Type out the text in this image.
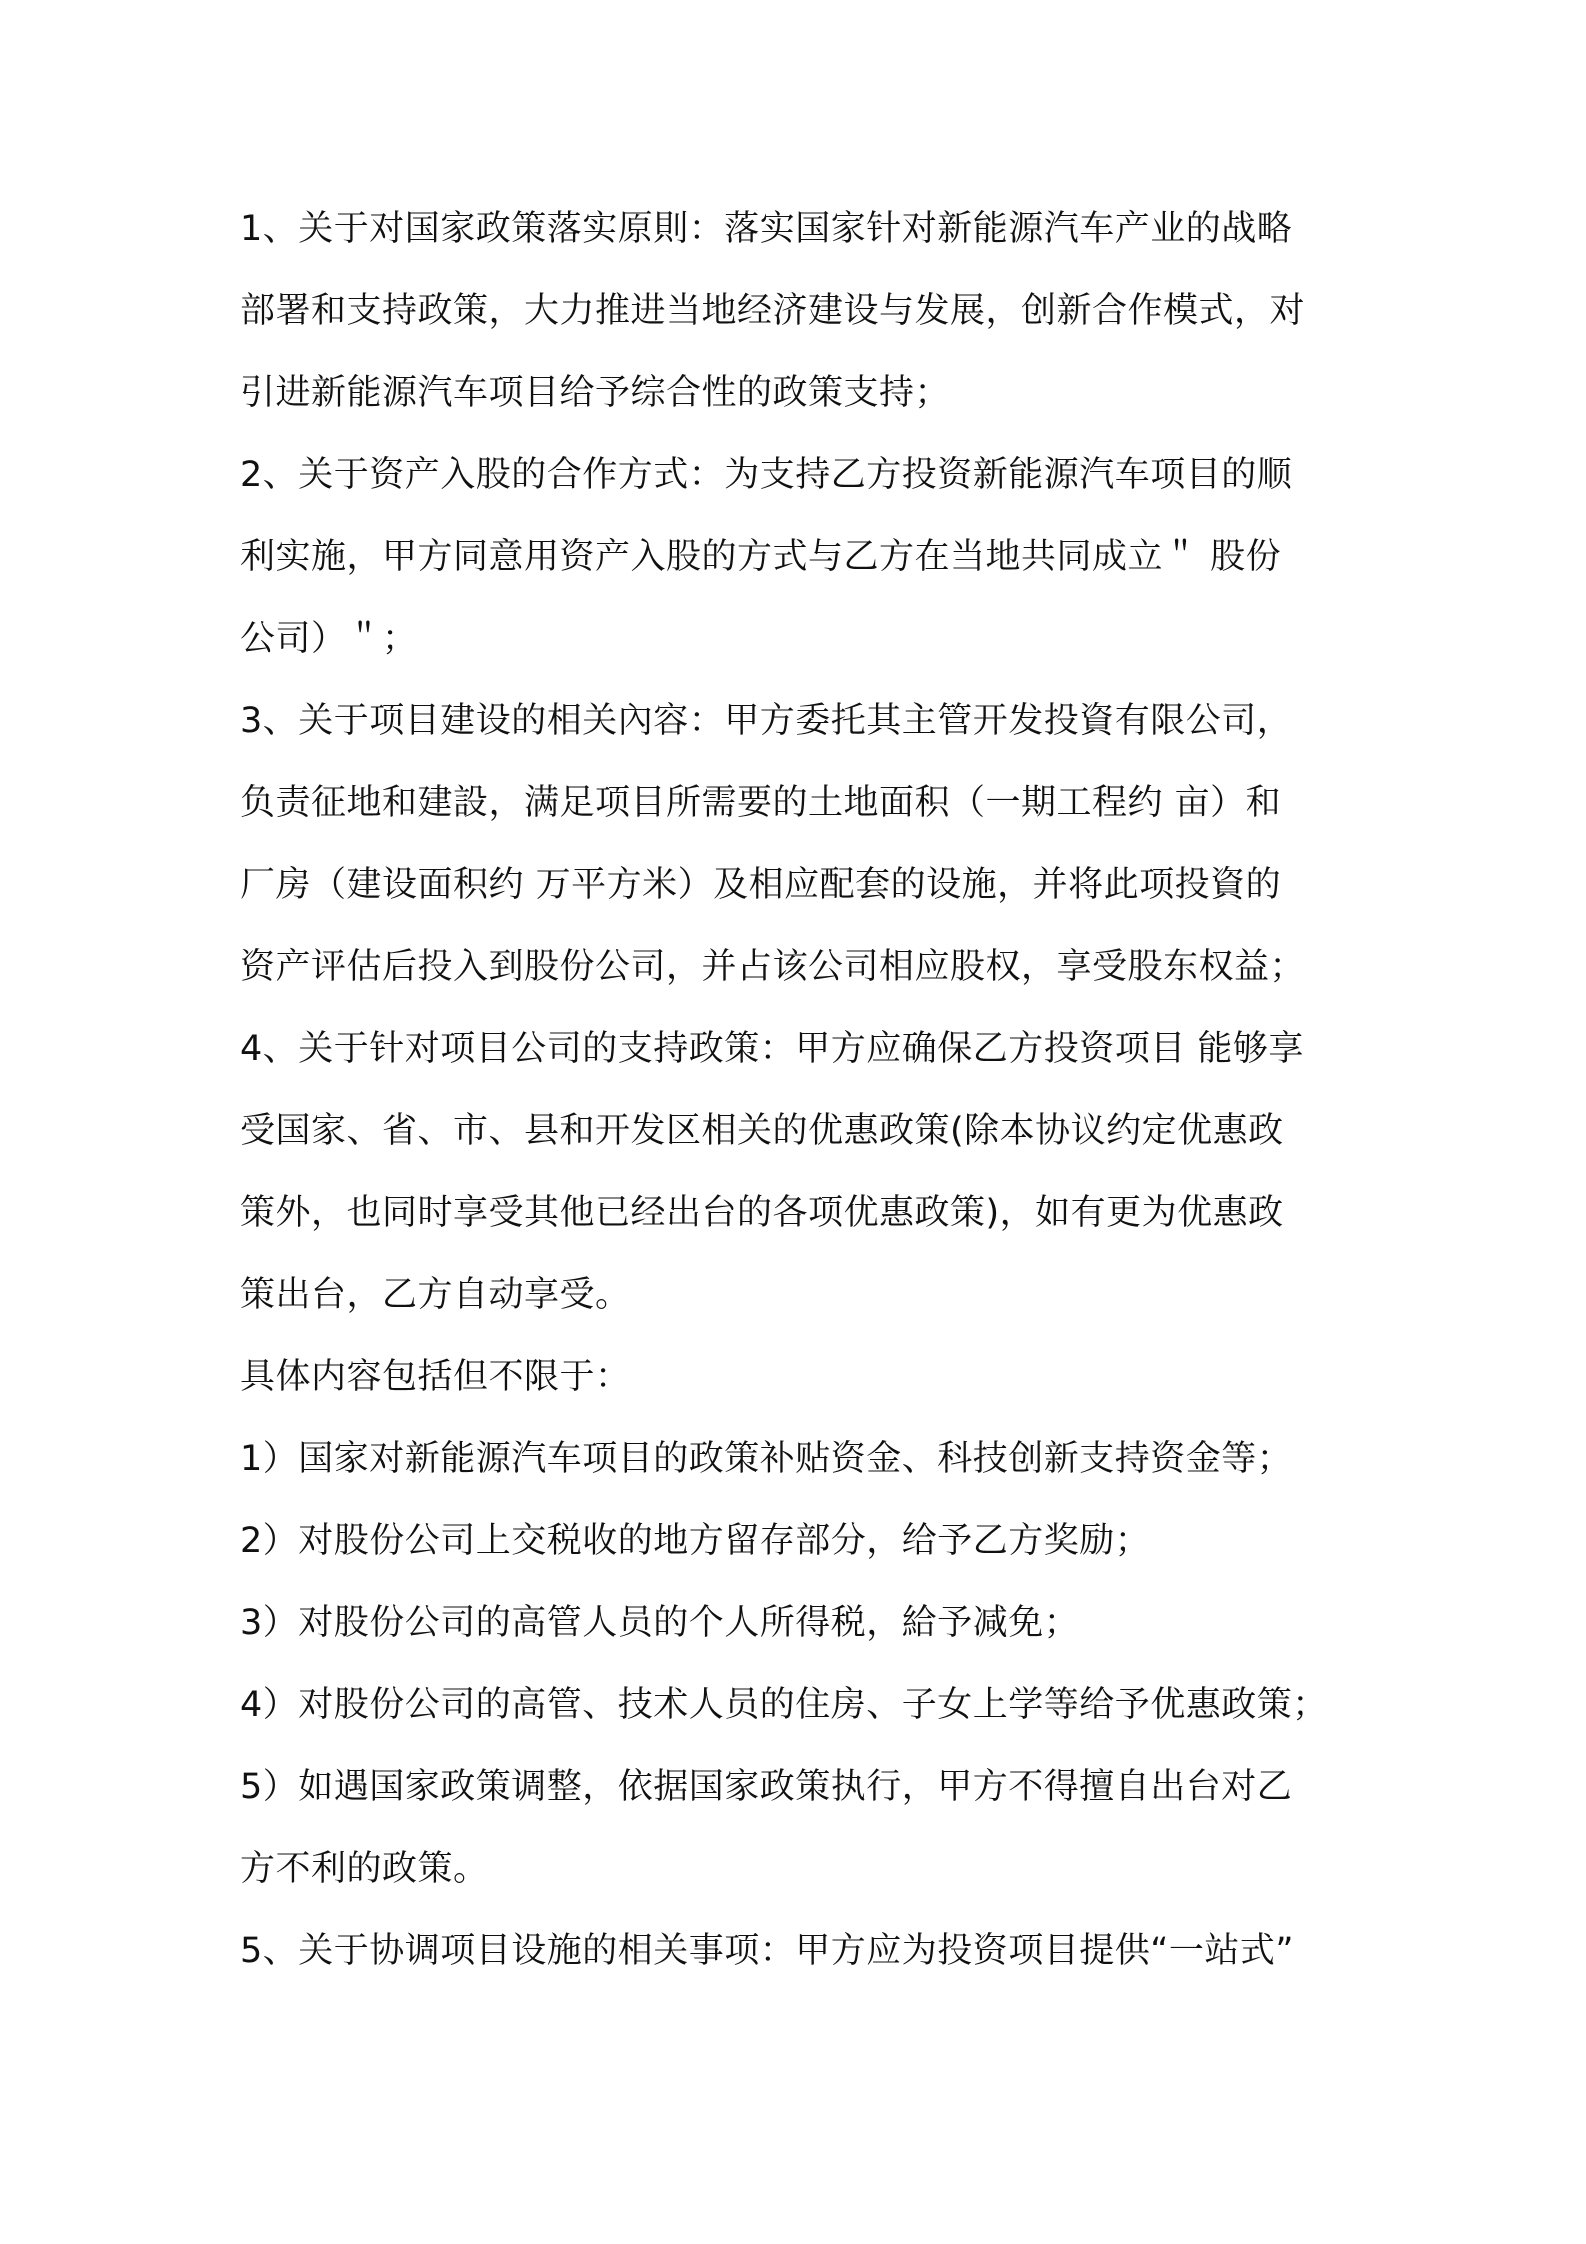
1、关于对国家政策落实原則：落实国家针对新能源汽车产业的战略
部署和支持政策，大力推进当地经济建设与发展，创新合作模式，对
引进新能源汽车项目给予综合性的政策支持；
2、关于资产入股的合作方式：为支持乙方投资新能源汽车项目的顺
利实施，甲方同意用资产入股的方式与乙方在当地共同成立＂ 股份
公司）＂；
3、关于项目建设的相关內容：甲方委托其主管开发投資有限公司，
负责征地和建設，满足项目所需要的土地面积（一期工程约 亩）和
厂房（建设面积约 万平方米）及相应配套的设施，并将此项投資的
资产评估后投入到股份公司，并占该公司相应股权，享受股东权益；
4、关于针对项目公司的支持政策：甲方应确保乙方投资项目 能够享
受国家、省、市、县和开发区相关的优惠政策(除本协议约定优惠政
策外，也同时享受其他已经出台的各项优惠政策)，如有更为优惠政
策出台，乙方自动享受。
具体内容包括但不限于：
1）国家对新能源汽车项目的政策补贴资金、科技创新支持资金等；
2）对股份公司上交税收的地方留存部分，给予乙方奖励；
3）对股份公司的高管人员的个人所得税，給予减免；
4）对股份公司的高管、技术人员的住房、子女上学等给予优惠政策；
5）如遇国家政策调整，依据国家政策执行，甲方不得擅自出台对乙
方不利的政策。
5、关于协调项目设施的相关事项：甲方应为投资项目提供“一站式”
